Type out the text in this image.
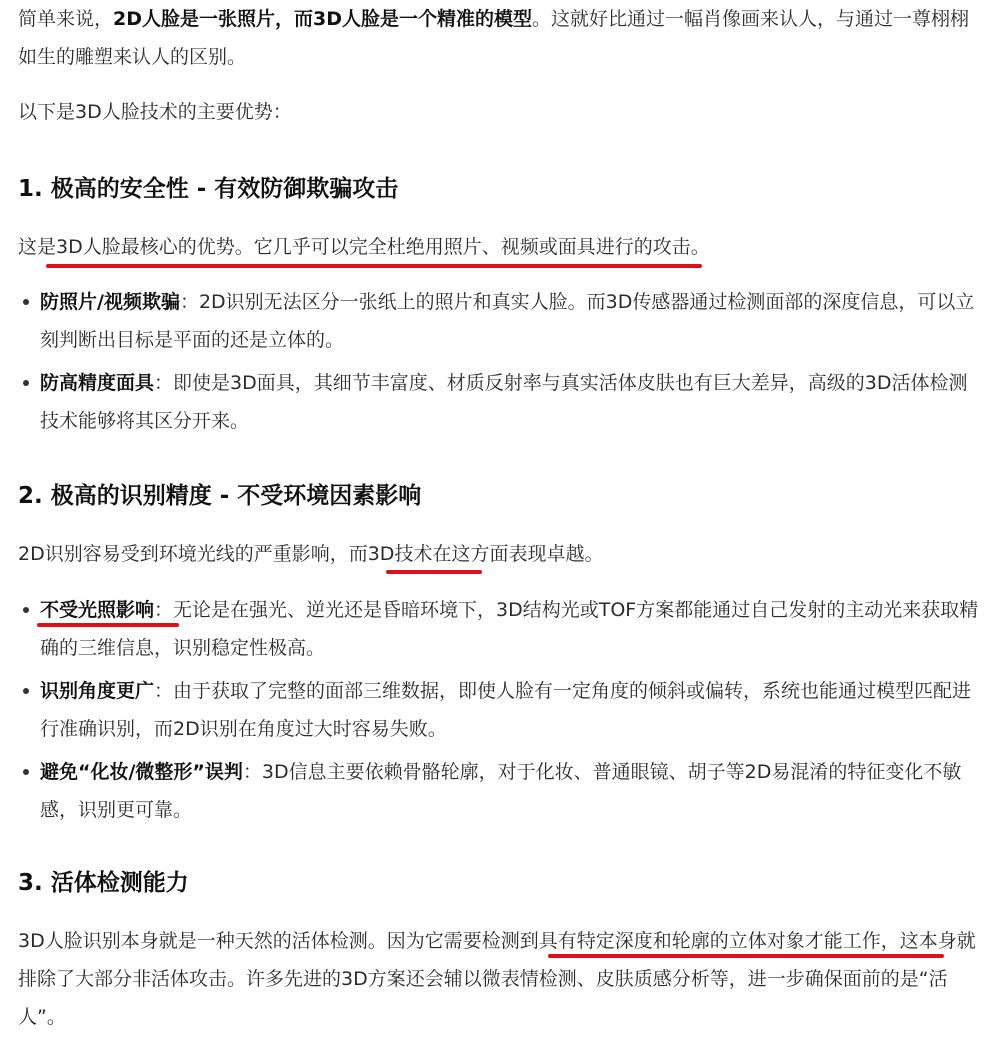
简单来说，2D人脸是一张照片，而3D人脸是一个精准的模型。这就好比通过一幅肖像画来认人，与通过一尊栩栩如生的雕塑来认人的区别。

以下是3D人脸技术的主要优势：

1. 极高的安全性 - 有效防御欺骗攻击

这是3D人脸最核心的优势。它几乎可以完全杜绝用照片、视频或面具进行的攻击。

防照片/视频欺骗：2D识别无法区分一张纸上的照片和真实人脸。而3D传感器通过检测面部的深度信息，可以立刻判断出目标是平面的还是立体的。

防高精度面具：即使是3D面具，其细节丰富度、材质反射率与真实活体皮肤也有巨大差异，高级的3D活体检测技术能够将其区分开来。

2. 极高的识别精度 - 不受环境因素影响

2D识别容易受到环境光线的严重影响，而3D技术在这方面表现卓越。

不受光照影响：无论是在强光、逆光还是昏暗环境下，3D结构光或TOF方案都能通过自己发射的主动光来获取精确的三维信息，识别稳定性极高。

识别角度更广：由于获取了完整的面部三维数据，即使人脸有一定角度的倾斜或偏转，系统也能通过模型匹配进行准确识别，而2D识别在角度过大时容易失败。

避免“化妆/微整形”误判：3D信息主要依赖骨骼轮廓，对于化妆、普通眼镜、胡子等2D易混淆的特征变化不敏感，识别更可靠。

3. 活体检测能力

3D人脸识别本身就是一种天然的活体检测。因为它需要检测到具有特定深度和轮廓的立体对象才能工作，这本身就排除了大部分非活体攻击。许多先进的3D方案还会辅以微表情检测、皮肤质感分析等，进一步确保面前的是“活人”。
